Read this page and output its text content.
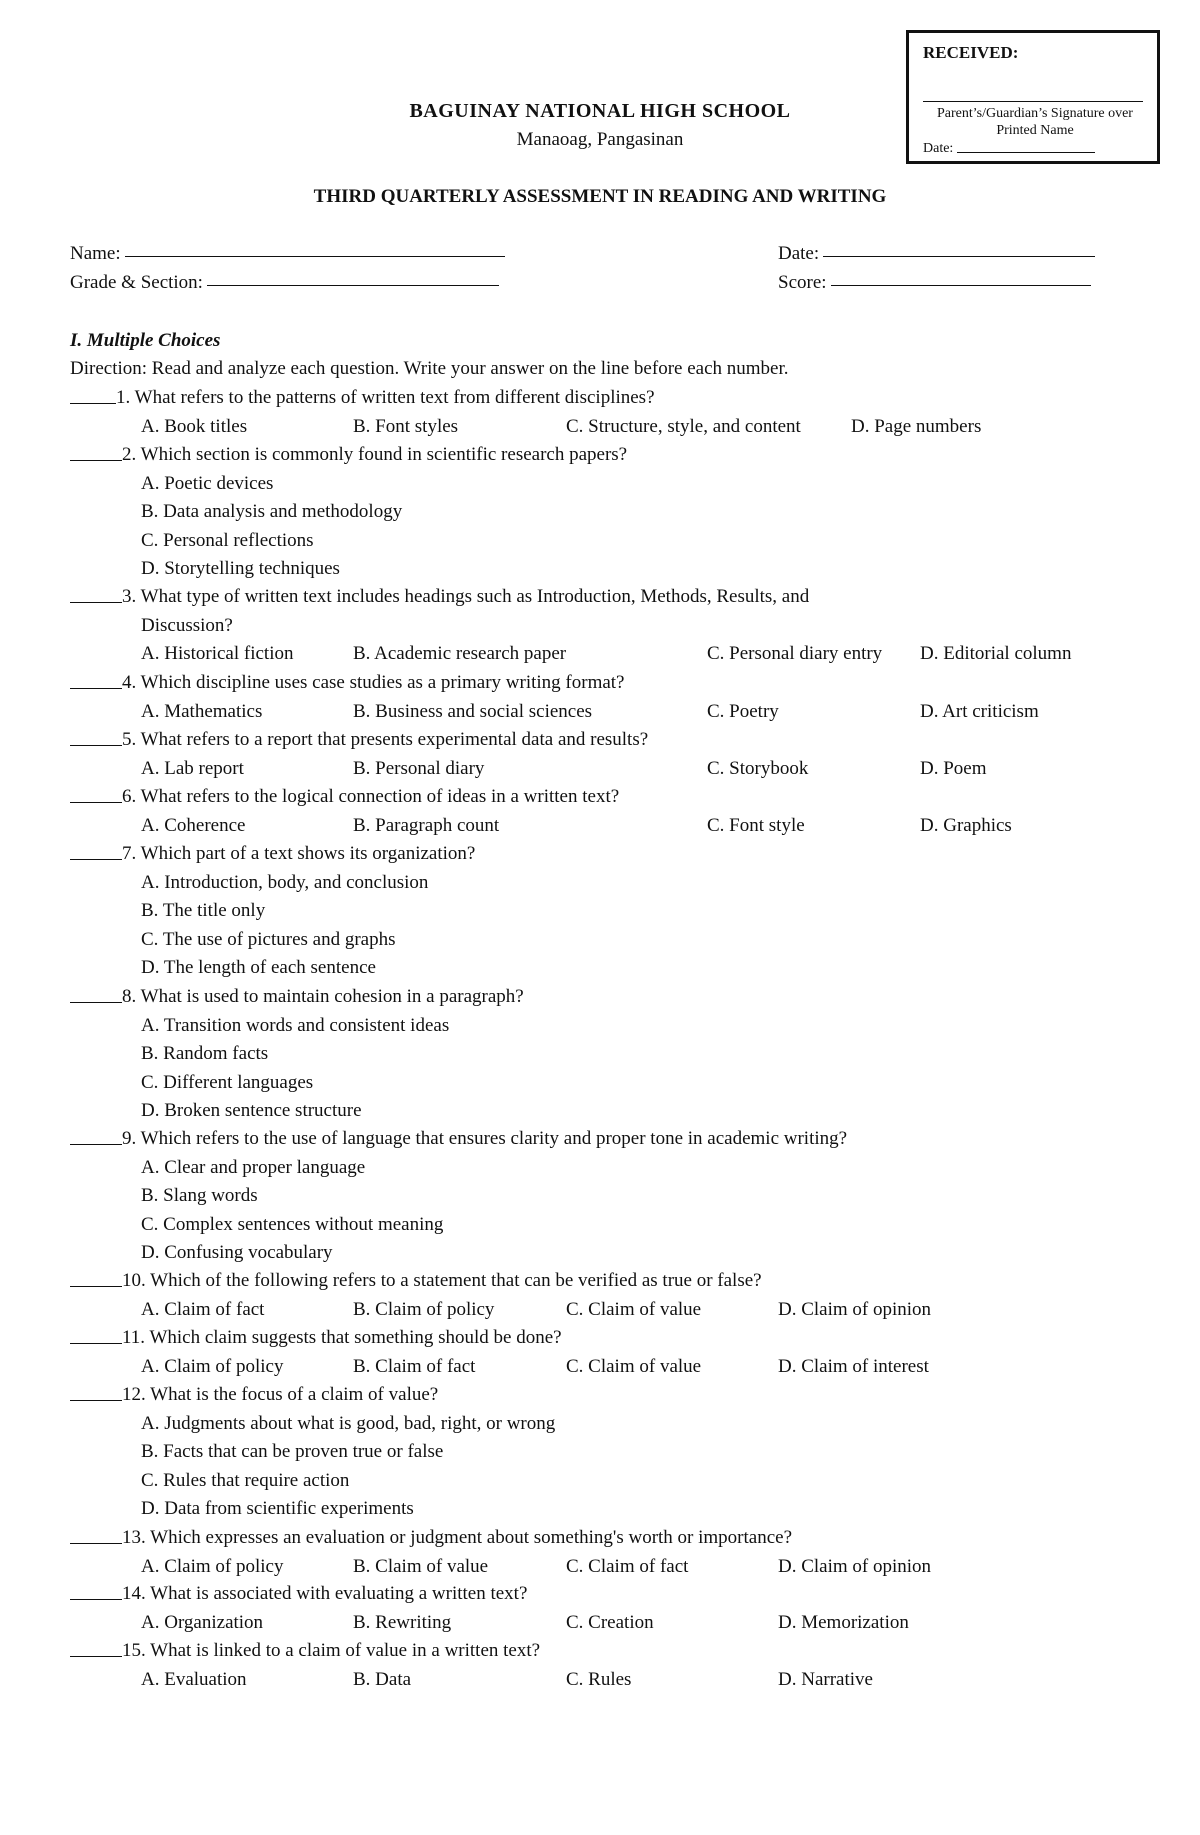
RECEIVED:
Parent’s/Guardian’s Signature over Printed Name
Date:
BAGUINAY NATIONAL HIGH SCHOOL
Manaoag, Pangasinan
THIRD QUARTERLY ASSESSMENT IN READING AND WRITING
Name:	Date:
Grade & Section:	Score:
I. Multiple Choices
Direction: Read and analyze each question. Write your answer on the line before each number.
1. What refers to the patterns of written text from different disciplines?
A. Book titles	B. Font styles	C. Structure, style, and content	D. Page numbers
2. Which section is commonly found in scientific research papers?
A. Poetic devices
B. Data analysis and methodology
C. Personal reflections
D. Storytelling techniques
3. What type of written text includes headings such as Introduction, Methods, Results, and
Discussion?
A. Historical fiction	B. Academic research paper	C. Personal diary entry D. Editorial column
4. Which discipline uses case studies as a primary writing format?
A. Mathematics	B. Business and social sciences	C. Poetry	D. Art criticism
5. What refers to a report that presents experimental data and results?
A. Lab report	B. Personal diary	C. Storybook	D. Poem
6. What refers to the logical connection of ideas in a written text?
A. Coherence	B. Paragraph count	C. Font style	D. Graphics
7. Which part of a text shows its organization?
A. Introduction, body, and conclusion
B. The title only
C. The use of pictures and graphs
D. The length of each sentence
8. What is used to maintain cohesion in a paragraph?
A. Transition words and consistent ideas
B. Random facts
C. Different languages
D. Broken sentence structure
9. Which refers to the use of language that ensures clarity and proper tone in academic writing?
A. Clear and proper language
B. Slang words
C. Complex sentences without meaning
D. Confusing vocabulary
10. Which of the following refers to a statement that can be verified as true or false?
A. Claim of fact	B. Claim of policy	C. Claim of value	D. Claim of opinion
11. Which claim suggests that something should be done?
A. Claim of policy	B. Claim of fact	C. Claim of value	D. Claim of interest
12. What is the focus of a claim of value?
A. Judgments about what is good, bad, right, or wrong
B. Facts that can be proven true or false
C. Rules that require action
D. Data from scientific experiments
13. Which expresses an evaluation or judgment about something's worth or importance?
A. Claim of policy	B. Claim of value	C. Claim of fact	D. Claim of opinion
14. What is associated with evaluating a written text?
A. Organization	B. Rewriting	C. Creation	D. Memorization
15. What is linked to a claim of value in a written text?
A. Evaluation	B. Data	C. Rules	D. Narrative
